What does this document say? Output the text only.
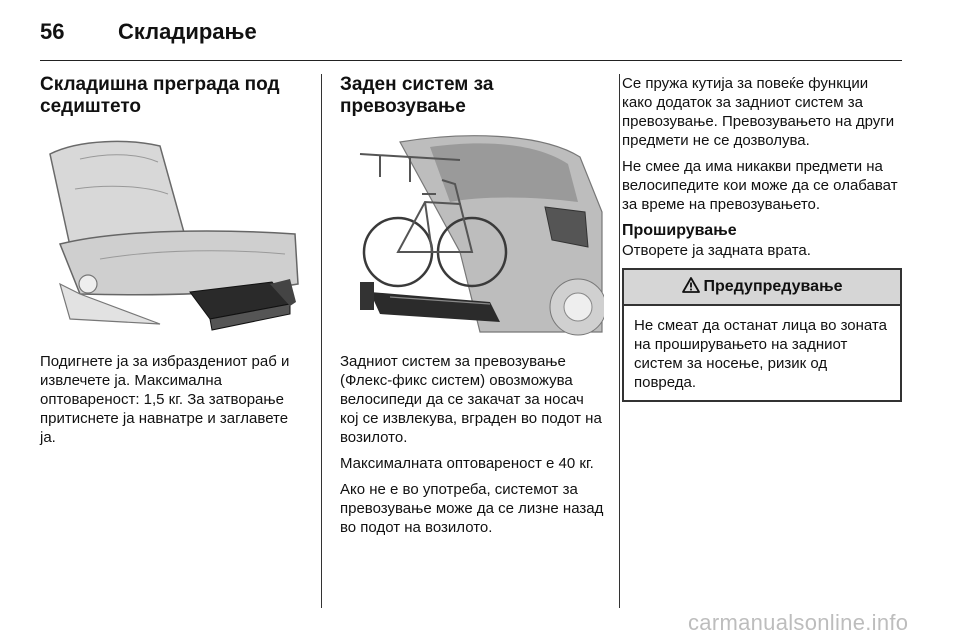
56 Складирање
Складишна преграда под седиштето

Подигнете ја за избраздениот раб и извлечете ја. Максимална оптовареност: 1,5 кг. За затворање притиснете ја навнатре и заглавете ја.

Заден систем за превозување

Задниот систем за превозување (Флекс-фикс систем) овозможува велосипеди да се закачат за носач кој се извлекува, вграден во подот на возилото.

Максималната оптовареност е 40 кг.

Ако не е во употреба, системот за превозување може да се лизне назад во подот на возилото.

Се пружа кутија за повеќе функции како додаток за задниот систем за превозување. Превозувањето на други предмети не се дозволува.

Не смее да има никакви предмети на велосипедите кои може да се олабават за време на превозувањето.

Проширување

Отворете ја задната врата.

Предупредување
Не смеат да останат лица во зоната на проширувањето на задниот систем за носење, ризик од повреда.
carmanualsonline.info
